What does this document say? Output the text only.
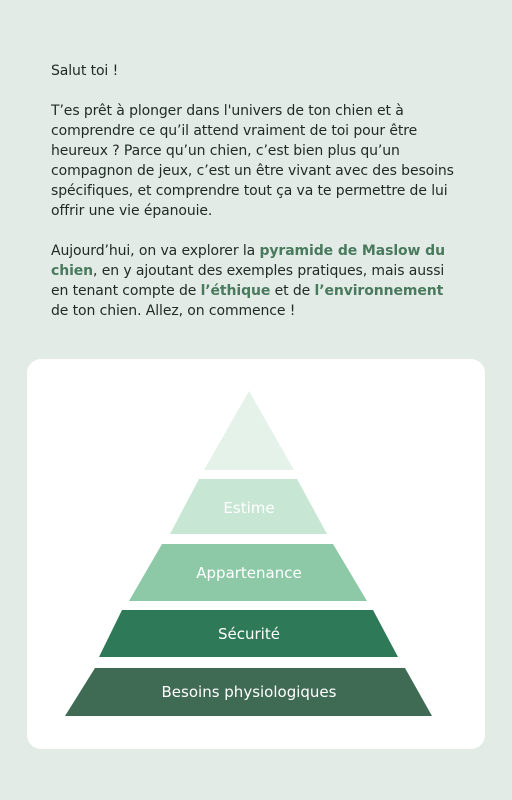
Salut toi !

T’es prêt à plonger dans l'univers de ton chien et à comprendre ce qu’il attend vraiment de toi pour être heureux ? Parce qu’un chien, c’est bien plus qu’un compagnon de jeux, c’est un être vivant avec des besoins spécifiques, et comprendre tout ça va te permettre de lui offrir une vie épanouie.

Aujourd’hui, on va explorer la pyramide de Maslow du chien, en y ajoutant des exemples pratiques, mais aussi en tenant compte de l’éthique et de l’environnement de ton chien. Allez, on commence !

Estime
Appartenance
Sécurité
Besoins physiologiques
